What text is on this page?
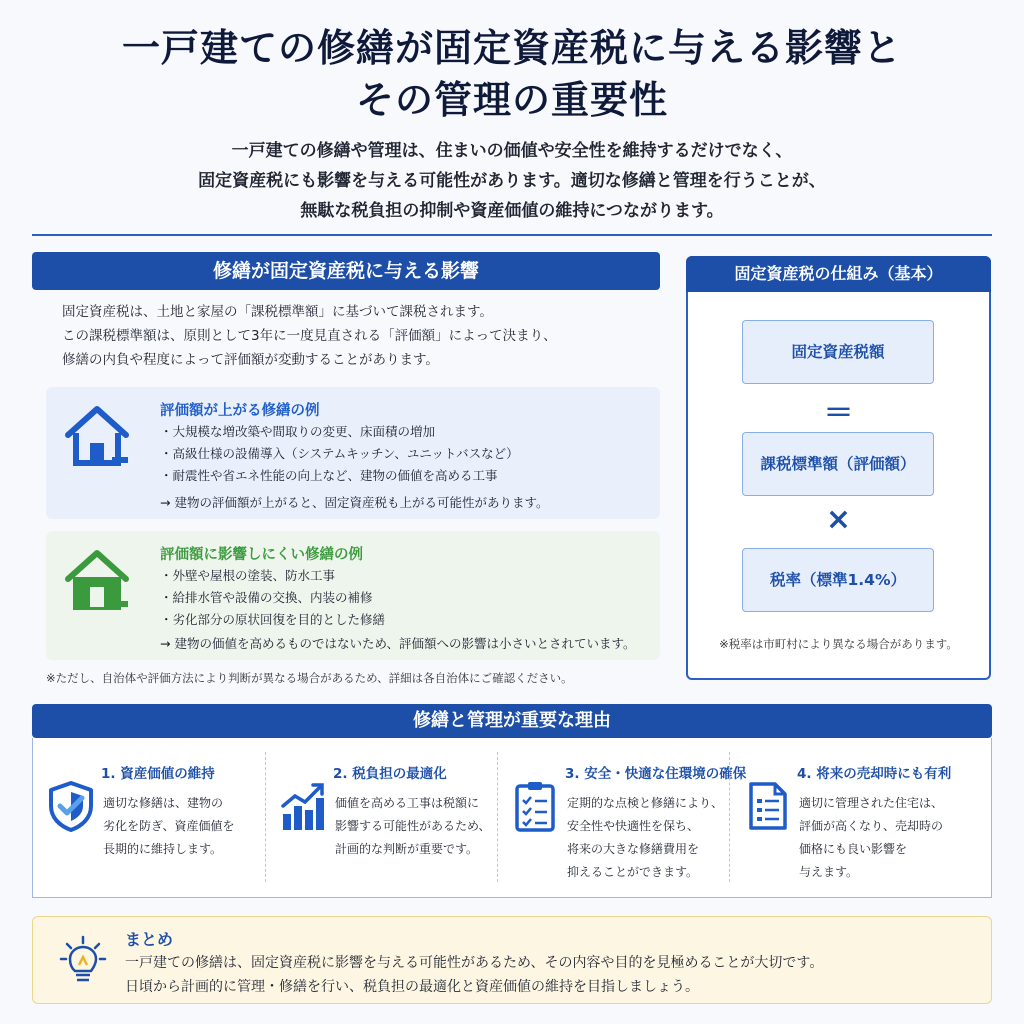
一戸建ての修繕が固定資産税に与える影響と
その管理の重要性
一戸建ての修繕や管理は、住まいの価値や安全性を維持するだけでなく、
固定資産税にも影響を与える可能性があります。適切な修繕と管理を行うことが、
無駄な税負担の抑制や資産価値の維持につながります。
修繕が固定資産税に与える影響
固定資産税は、土地と家屋の「課税標準額」に基づいて課税されます。
この課税標準額は、原則として3年に一度見直される「評価額」によって決まり、
修繕の内負や程度によって評価額が変動することがあります。
評価額が上がる修繕の例
・ 大規模な増改築や間取りの変更、床面積の増加
・ 高級仕様の設備導入（システムキッチン、ユニットバスなど）
・ 耐震性や省エネ性能の向上など、建物の価値を高める工事
→ 建物の評価額が上がると、固定資産税も上がる可能性があります。
評価額に影響しにくい修繕の例
・ 外壁や屋根の塗装、防水工事
・ 給排水管や設備の交換、内装の補修
・ 劣化部分の原状回復を目的とした修繕
→ 建物の価値を高めるものではないため、評価額への影響は小さいとされています。
※ただし、自治体や評価方法により判断が異なる場合があるため、詳細は各自治体にご確認ください。
固定資産税の仕組み（基本）
固定資産税額
＝
課税標準額（評価額）
×
税率（標準1.4%）
※税率は市町村により異なる場合があります。
修繕と管理が重要な理由
1. 資産価値の維持
適切な修繕は、建物の
劣化を防ぎ、資産価値を
長期的に維持します。
2. 税負担の最適化
価値を高める工事は税額に
影響する可能性があるため、
計画的な判断が重要です。
3. 安全・快適な住環境の確保
定期的な点検と修繕により、
安全性や快適性を保ち、
将来の大きな修繕費用を
抑えることができます。
4. 将来の売却時にも有利
適切に管理された住宅は、
評価が高くなり、売却時の
価格にも良い影響を
与えます。
まとめ
一戸建ての修繕は、固定資産税に影響を与える可能性があるため、その内容や目的を見極めることが大切です。
日頃から計画的に管理・修繕を行い、税負担の最適化と資産価値の維持を目指しましょう。
